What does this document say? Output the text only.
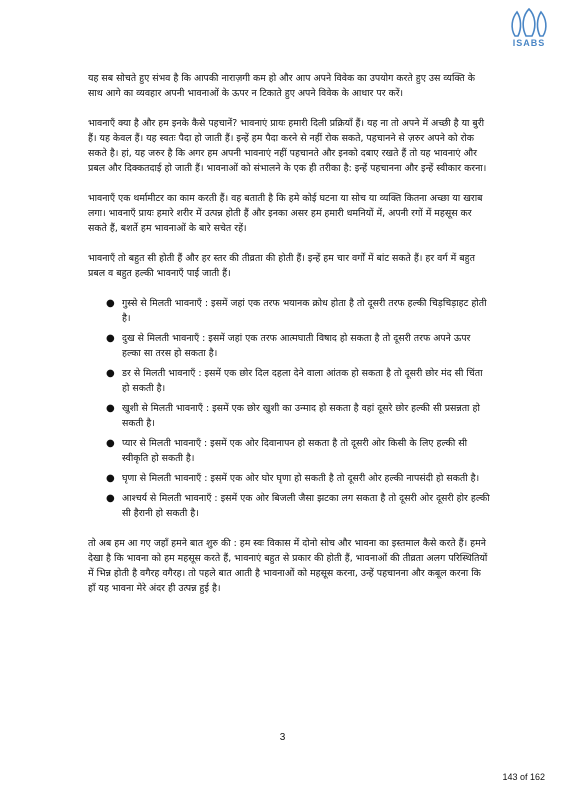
ISABS

यह सब सोचते हुए संभव है कि आपकी नाराज़गी कम हो और आप अपने विवेक का उपयोग करते हुए उस व्यक्ति के साथ आगे का व्यवहार अपनी भावनाओं के ऊपर न टिकाते हुए अपने विवेक के आधार पर करें।

भावनाएँ क्या है और हम इनके कैसे पहचानें? भावनाएं प्रायः हमारी दिली प्रक्रियाँ हैं। यह ना तो अपने में अच्छी है या बुरी हैं। यह केवल हैं। यह स्वतः पैदा हो जाती हैं। इन्हें हम पैदा करने से नहीं रोक सकते, पहचानने से ज़रुर अपने को रोक सकते है। हां, यह जरुर है कि अगर हम अपनी भावनाएं नहीं पहचानते और इनको दबाए रखते हैं तो यह भावनाएं और प्रबल और दिक्कतदाई हो जाती हैं। भावनाओं को संभालने के एक ही तरीका है: इन्हें पहचानना और इन्हें स्वीकार करना।

भावनाएँ एक थर्मामीटर का काम करती हैं। वह बताती है कि हमे कोई घटना या सोच या व्यक्ति कितना अच्छा या खराब लगा। भावनाएँ प्रायः हमारे शरीर में उत्पन्न होती हैं और इनका असर हम हमारी धमनियों में, अपनी रगों में महसूस कर सकते हैं, बशर्ते हम भावनाओं के बारे सचेत रहें।

भावनाएँ तो बहुत सी होती हैं और हर स्तर की तीव्रता की होती हैं। इन्हें हम चार वर्गों में बांट सकते हैं। हर वर्ग में बहुत प्रबल व बहुत हल्की भावनाएँ पाई जाती हैं।

● गुस्से से मिलती भावनाएँ : इसमें जहां एक तरफ भयानक क्रोध होता है तो दूसरी तरफ हल्की चिड़चिड़ाहट होती है।
● दुख से मिलती भावनाएँ : इसमें जहां एक तरफ आत्मघाती विषाद हो सकता है तो दूसरी तरफ अपने ऊपर हल्का सा तरस हो सकता है।
● डर से मिलती भावनाएँ : इसमें एक छोर दिल दहला देने वाला आंतक हो सकता है तो दूसरी छोर मंद सी चिंता हो सकती है।
● खुशी से मिलती भावनाएँ : इसमें एक छोर खुशी का उन्माद हो सकता है वहां दूसरे छोर हल्की सी प्रसन्नता हो सकती है।
● प्यार से मिलती भावनाएँ : इसमें एक ओर दिवानापन हो सकता है तो दूसरी ओर किसी के लिए हल्की सी स्वीकृति हो सकती है।
● घृणा से मिलती भावनाएँ : इसमें एक ओर घोर घृणा हो सकती है तो दूसरी ओर हल्की नापसंदी हो सकती है।
● आश्चर्य से मिलती भावनाएँ : इसमें एक ओर बिजली जैसा झटका लग सकता है तो दूसरी ओर दूसरी होर हल्की सी हैरानी हो सकती है।

तो अब हम आ गए जहाँ हमने बात शुरु की : हम स्वः विकास में दोनो सोच और भावना का इस्तमाल कैसे करते हैं। हमने देखा है कि भावना को हम महसूस करते हैं, भावनाएं बहुत से प्रकार की होती हैं, भावनाओं की तीव्रता अलग परिस्थितियों में भिन्न होती है वगैरह वगैरह। तो पहले बात आती है भावनाओं को महसूस करना, उन्हें पहचानना और कबूल करना कि हाँ यह भावना मेरे अंदर ही उत्पन्न हुई है।

3
143 of 162
